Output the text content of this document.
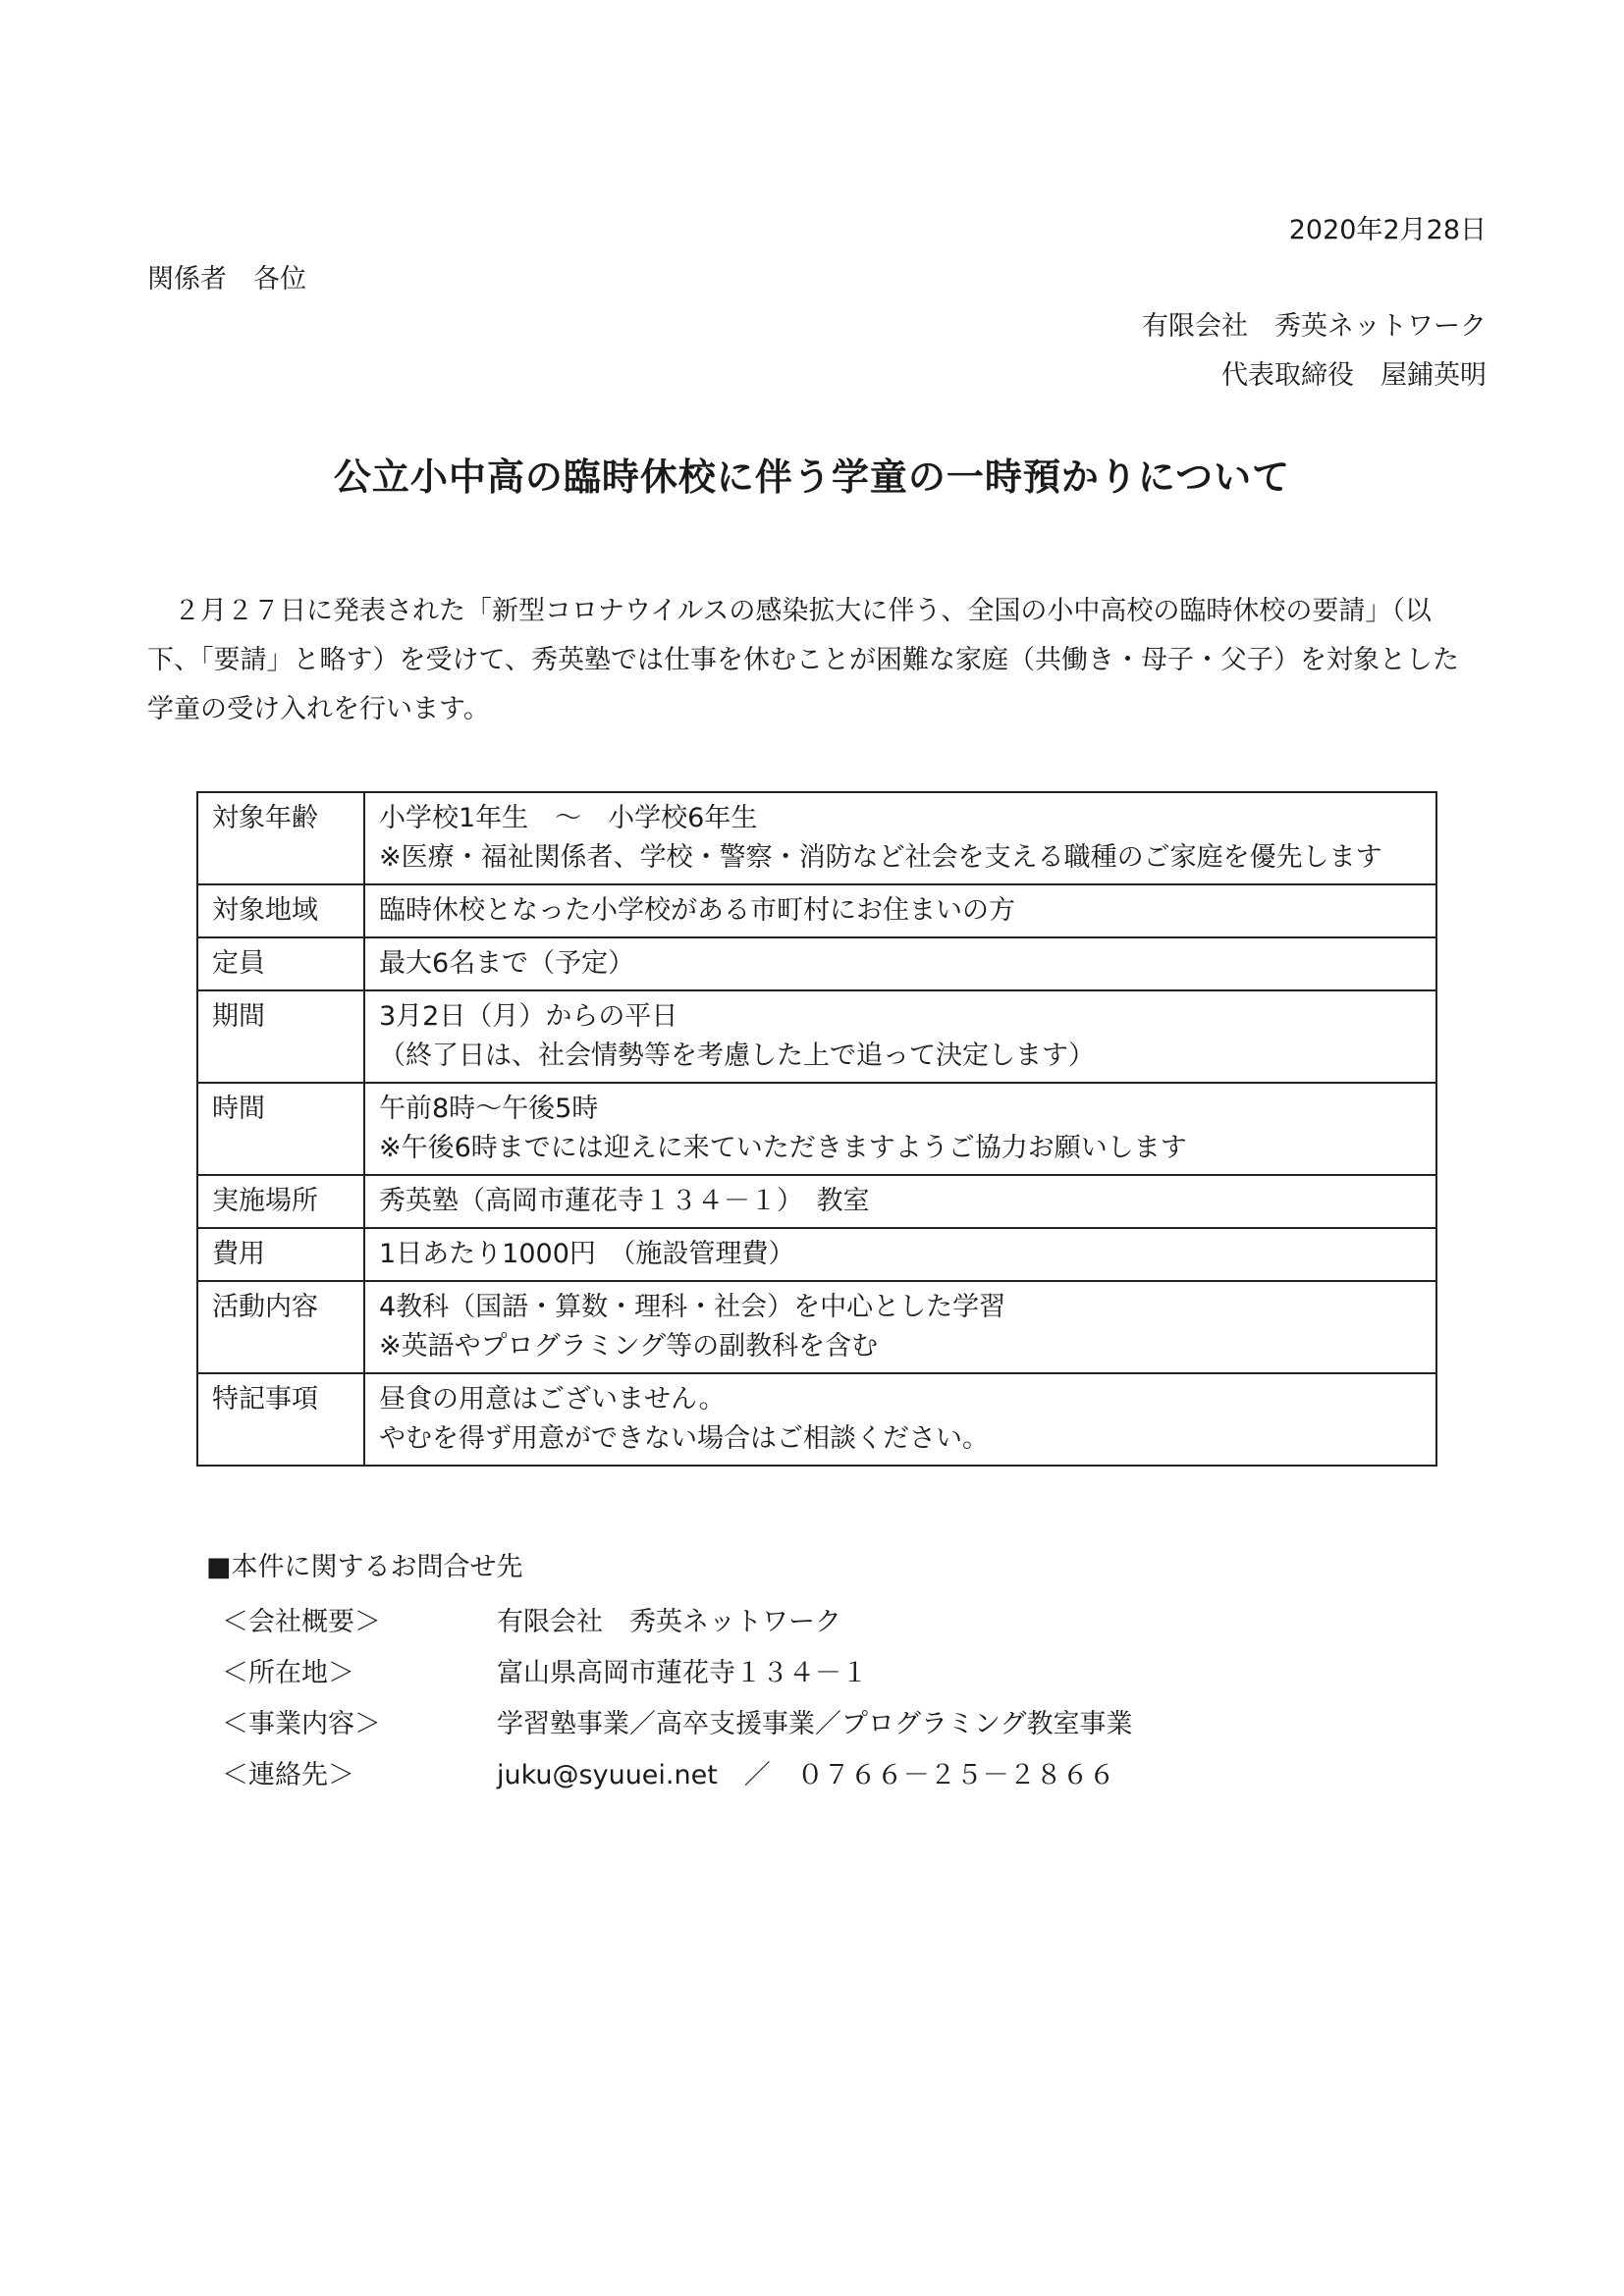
2020年2月28日
関係者　各位
有限会社　秀英ネットワーク
代表取締役　屋鋪英明
公立小中高の臨時休校に伴う学童の一時預かりについて

２月２７日に発表された「新型コロナウイルスの感染拡大に伴う、全国の小中高校の臨時休校の要請」（以下、「要請」と略す）を受けて、秀英塾では仕事を休むことが困難な家庭（共働き・母子・父子）を対象とした学童の受け入れを行います。

対象年齢	小学校1年生　～　小学校6年生
※医療・福祉関係者、学校・警察・消防など社会を支える職種のご家庭を優先します

対象地域	臨時休校となった小学校がある市町村にお住まいの方

定員	最大6名まで（予定）

期間	3月2日（月）からの平日
（終了日は、社会情勢等を考慮した上で追って決定します）

時間	午前8時～午後5時
※午後6時までには迎えに来ていただきますようご協力お願いします

実施場所	秀英塾（高岡市蓮花寺１３４－１）　教室

費用	1日あたり1000円　（施設管理費）

活動内容	4教科（国語・算数・理科・社会）を中心とした学習
※英語やプログラミング等の副教科を含む

特記事項	昼食の用意はございません。
やむを得ず用意ができない場合はご相談ください。
■本件に関するお問合せ先
＜会社概要＞	有限会社　秀英ネットワーク
＜所在地＞	富山県高岡市蓮花寺１３４－１
＜事業内容＞	学習塾事業／高卒支援事業／プログラミング教室事業
＜連絡先＞	juku@syuuei.net　／　０７６６－２５－２８６６
